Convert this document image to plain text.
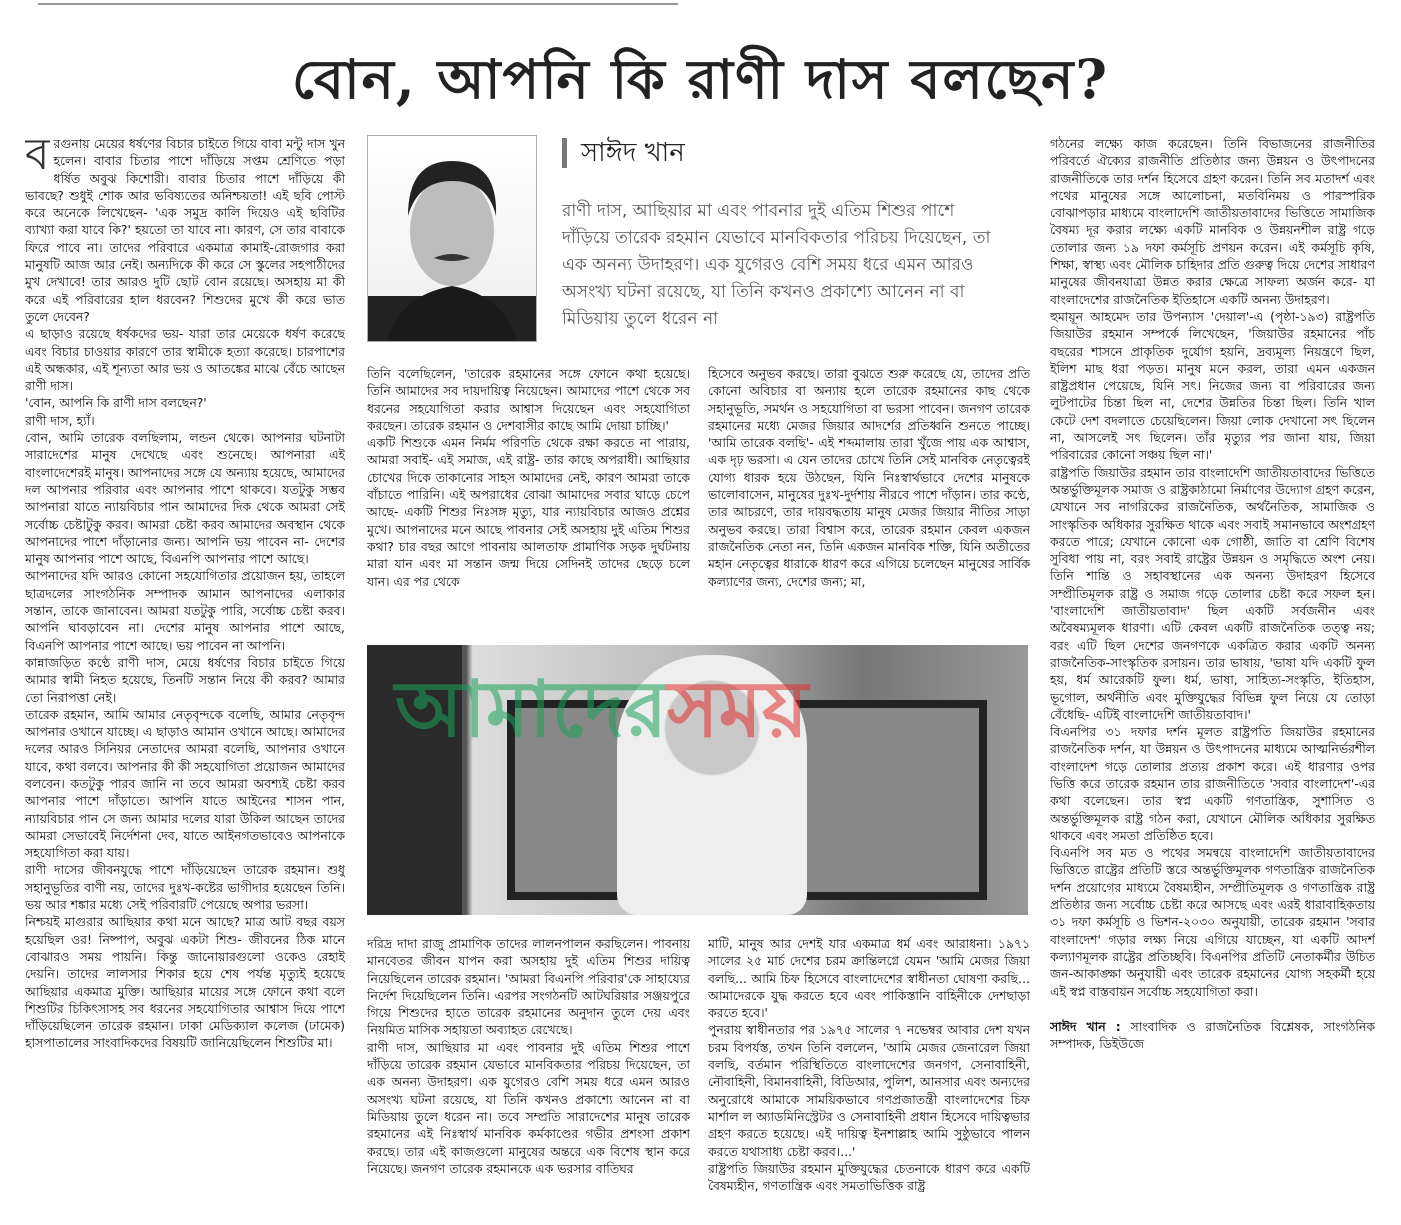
বোন, আপনি কি রাণী দাস বলছেন?
ব রগুনায় মেয়ের ধর্ষণের বিচার চাইতে গিয়ে বাবা মন্টু দাস খুন হলেন। বাবার চিতার পাশে দাঁড়িয়ে সপ্তম শ্রেণিতে পড়া ধর্ষিত অবুঝ কিশোরী। বাবার চিতার পাশে দাঁড়িয়ে কী ভাবছে? শুধুই শোক আর ভবিষ্যতের অনিশ্চয়তা! এই ছবি পোস্ট করে অনেকে লিখেছেন- 'এক সমুদ্র কালি দিয়েও এই ছবিটির ব্যাখ্যা করা যাবে কি?' হয়তো তা যাবে না। কারণ, সে তার বাবাকে ফিরে পাবে না। তাদের পরিবারে একমাত্র কামাই-রোজগার করা মানুষটি আজ আর নেই। অন্যদিকে কী করে সে স্কুলের সহপাঠীদের মুখ দেখাবে! তার আরও দুটি ছোট বোন রয়েছে। অসহায় মা কী করে এই পরিবারের হাল ধরবেন? শিশুদের মুখে কী করে ভাত তুলে দেবেন?

এ ছাড়াও রয়েছে ধর্ষকদের ভয়- যারা তার মেয়েকে ধর্ষণ করেছে এবং বিচার চাওয়ার কারণে তার স্বামীকে হত্যা করেছে। চারপাশের এই অন্ধকার, এই শূন্যতা আর ভয় ও আতঙ্কের মাঝে বেঁচে আছেন রাণী দাস।

'বোন, আপনি কি রাণী দাস বলছেন?'

রাণী দাস, হ্যাঁ।

বোন, আমি তারেক বলছিলাম, লন্ডন থেকে। আপনার ঘটনাটা সারাদেশের মানুষ দেখেছে এবং শুনেছে। আপনারা এই বাংলাদেশেরই মানুষ। আপনাদের সঙ্গে যে অন্যায় হয়েছে, আমাদের দল আপনার পরিবার এবং আপনার পাশে থাকবে। যতটুকু সম্ভব আপনারা যাতে ন্যায়বিচার পান আমাদের দিক থেকে আমরা সেই সর্বোচ্চ চেষ্টাটুকু করব। আমরা চেষ্টা করব আমাদের অবস্থান থেকে আপনাদের পাশে দাঁড়ানোর জন্য। আপনি ভয় পাবেন না- দেশের মানুষ আপনার পাশে আছে, বিএনপি আপনার পাশে আছে।

আপনাদের যদি আরও কোনো সহযোগিতার প্রয়োজন হয়, তাহলে ছাত্রদলের সাংগঠনিক সম্পাদক আমান আপনাদের এলাকার সন্তান, তাকে জানাবেন। আমরা যতটুকু পারি, সর্বোচ্চ চেষ্টা করব। আপনি ঘাবড়াবেন না। দেশের মানুষ আপনার পাশে আছে, বিএনপি আপনার পাশে আছে। ভয় পাবেন না আপনি।

কান্নাজড়িত কণ্ঠে রাণী দাস, মেয়ে ধর্ষণের বিচার চাইতে গিয়ে আমার স্বামী নিহত হয়েছে, তিনটি সন্তান নিয়ে কী করব? আমার তো নিরাপত্তা নেই।

তারেক রহমান, আমি আমার নেতৃবৃন্দকে বলেছি, আমার নেতৃবৃন্দ আপনার ওখানে যাচ্ছে। এ ছাড়াও আমান ওখানে আছে। আমাদের দলের আরও সিনিয়র নেতাদের আমরা বলেছি, আপনার ওখানে যাবে, কথা বলবে। আপনার কী কী সহযোগিতা প্রয়োজন আমাদের বলবেন। কতটুকু পারব জানি না তবে আমরা অবশ্যই চেষ্টা করব আপনার পাশে দাঁড়াতে। আপনি যাতে আইনের শাসন পান, ন্যায়বিচার পান সে জন্য আমার দলের যারা উকিল আছেন তাদের আমরা সেভাবেই নির্দেশনা দেব, যাতে আইনগতভাবেও আপনাকে সহযোগিতা করা যায়।

রাণী দাসের জীবনযুদ্ধে পাশে দাঁড়িয়েছেন তারেক রহমান। শুধু সহানুভূতির বাণী নয়, তাদের দুঃখ-কষ্টের ভাগীদার হয়েছেন তিনি। ভয় আর শঙ্কার মধ্যে সেই পরিবারটি পেয়েছে অপার ভরসা।

নিশ্চয়ই মাগুরার আছিয়ার কথা মনে আছে? মাত্র আট বছর বয়স হয়েছিল ওর! নিষ্পাপ, অবুঝ একটা শিশু- জীবনের ঠিক মানে বোঝারও সময় পায়নি। কিন্তু জানোয়ারগুলো ওকেও রেহাই দেয়নি। তাদের লালসার শিকার হয়ে শেষ পর্যন্ত মৃত্যুই হয়েছে আছিয়ার একমাত্র মুক্তি। আছিয়ার মায়ের সঙ্গে ফোনে কথা বলে শিশুটির চিকিৎসাসহ সব ধরনের সহযোগিতার আশ্বাস দিয়ে পাশে দাঁড়িয়েছিলেন তারেক রহমান। ঢাকা মেডিক্যাল কলেজ (ঢামেক) হাসপাতালের সাংবাদিকদের বিষয়টি জানিয়েছিলেন শিশুটির মা।

সাঈদ খান
রাণী দাস, আছিয়ার মা এবং পাবনার দুই এতিম শিশুর পাশে দাঁড়িয়ে তারেক রহমান যেভাবে মানবিকতার পরিচয় দিয়েছেন, তা এক অনন্য উদাহরণ। এক যুগেরও বেশি সময় ধরে এমন আরও অসংখ্য ঘটনা রয়েছে, যা তিনি কখনও প্রকাশ্যে আনেন না বা মিডিয়ায় তুলে ধরেন না

তিনি বলেছিলেন, 'তারেক রহমানের সঙ্গে ফোনে কথা হয়েছে। তিনি আমাদের সব দায়দায়িত্ব নিয়েছেন। আমাদের পাশে থেকে সব ধরনের সহযোগিতা করার আশ্বাস দিয়েছেন এবং সহযোগিতা করছেন। তারেক রহমান ও দেশবাসীর কাছে আমি দোয়া চাচ্ছি।'

একটি শিশুকে এমন নির্মম পরিণতি থেকে রক্ষা করতে না পারায়, আমরা সবাই- এই সমাজ, এই রাষ্ট্র- তার কাছে অপরাধী। আছিয়ার চোখের দিকে তাকানোর সাহস আমাদের নেই, কারণ আমরা তাকে বাঁচাতে পারিনি। এই অপরাধের বোঝা আমাদের সবার ঘাড়ে চেপে আছে- একটি শিশুর নিঃসঙ্গ মৃত্যু, যার ন্যায়বিচার আজও প্রশ্নের মুখে। আপনাদের মনে আছে পাবনার সেই অসহায় দুই এতিম শিশুর কথা? চার বছর আগে পাবনায় আলতাফ প্রামাণিক সড়ক দুর্ঘটনায় মারা যান এবং মা সন্তান জন্ম দিয়ে সেদিনই তাদের ছেড়ে চলে যান। এর পর থেকে

হিসেবে অনুভব করছে। তারা বুঝতে শুরু করেছে যে, তাদের প্রতি কোনো অবিচার বা অন্যায় হলে তারেক রহমানের কাছ থেকে সহানুভূতি, সমর্থন ও সহযোগিতা বা ভরসা পাবেন। জনগণ তারেক রহমানের মধ্যে মেজর জিয়ার আদর্শের প্রতিধ্বনি শুনতে পাচ্ছে। 'আমি তারেক বলছি'- এই শব্দমালায় তারা খুঁজে পায় এক আশ্বাস, এক দৃঢ় ভরসা। এ যেন তাদের চোখে তিনি সেই মানবিক নেতৃত্বেরই যোগ্য ধারক হয়ে উঠছেন, যিনি নিঃস্বার্থভাবে দেশের মানুষকে ভালোবাসেন, মানুষের দুঃখ-দুর্দশায় নীরবে পাশে দাঁড়ান। তার কণ্ঠে, তার আচরণে, তার দায়বদ্ধতায় মানুষ মেজর জিয়ার নীতির সাড়া অনুভব করছে। তারা বিশ্বাস করে, তারেক রহমান কেবল একজন রাজনৈতিক নেতা নন, তিনি একজন মানবিক শক্তি, যিনি অতীতের মহান নেতৃত্বের ধারাকে ধারণ করে এগিয়ে চলেছেন মানুষের সার্বিক কল্যাণের জন্য, দেশের জন্য; মা,

আমাদেরসময়

দরিদ্র দাদা রাজু প্রামাণিক তাদের লালনপালন করছিলেন। পাবনায় মানবেতর জীবন যাপন করা অসহায় দুই এতিম শিশুর দায়িত্ব নিয়েছিলেন তারেক রহমান। 'আমরা বিএনপি পরিবার'কে সাহায্যের নির্দেশ দিয়েছিলেন তিনি। এরপর সংগঠনটি আটঘরিয়ার সঞ্জয়পুরে গিয়ে শিশুদের হাতে তারেক রহমানের অনুদান তুলে দেয় এবং নিয়মিত মাসিক সহায়তা অব্যাহত রেখেছে।

রাণী দাস, আছিয়ার মা এবং পাবনার দুই এতিম শিশুর পাশে দাঁড়িয়ে তারেক রহমান যেভাবে মানবিকতার পরিচয় দিয়েছেন, তা এক অনন্য উদাহরণ। এক যুগেরও বেশি সময় ধরে এমন আরও অসংখ্য ঘটনা রয়েছে, যা তিনি কখনও প্রকাশ্যে আনেন না বা মিডিয়ায় তুলে ধরেন না। তবে সম্প্রতি সারাদেশের মানুষ তারেক রহমানের এই নিঃস্বার্থ মানবিক কর্মকাণ্ডের গভীর প্রশংসা প্রকাশ করছে। তার এই কাজগুলো মানুষের অন্তরে এক বিশেষ স্থান করে নিয়েছে। জনগণ তারেক রহমানকে এক ভরসার বাতিঘর

মাটি, মানুষ আর দেশই যার একমাত্র ধর্ম এবং আরাধনা। ১৯৭১ সালের ২৫ মার্চ দেশের চরম ক্রান্তিলগ্নে যেমন 'আমি মেজর জিয়া বলছি... আমি চিফ হিসেবে বাংলাদেশের স্বাধীনতা ঘোষণা করছি... আমাদেরকে যুদ্ধ করতে হবে এবং পাকিস্তানি বাহিনীকে দেশছাড়া করতে হবে।'

পুনরায় স্বাধীনতার পর ১৯৭৫ সালের ৭ নভেম্বর আবার দেশ যখন চরম বিপর্যস্ত, তখন তিনি বললেন, 'আমি মেজর জেনারেল জিয়া বলছি, বর্তমান পরিস্থিতিতে বাংলাদেশের জনগণ, সেনাবাহিনী, নৌবাহিনী, বিমানবাহিনী, বিডিআর, পুলিশ, আনসার এবং অন্যদের অনুরোধে আমাকে সাময়িকভাবে গণপ্রজাতন্ত্রী বাংলাদেশের চিফ মার্শাল ল অ্যাডমিনিস্ট্রেটর ও সেনাবাহিনী প্রধান হিসেবে দায়িত্বভার গ্রহণ করতে হয়েছে। এই দায়িত্ব ইনশাল্লাহ আমি সুষ্ঠুভাবে পালন করতে যথাসাধ্য চেষ্টা করব।...'

রাষ্ট্রপতি জিয়াউর রহমান মুক্তিযুদ্ধের চেতনাকে ধারণ করে একটি বৈষম্যহীন, গণতান্ত্রিক এবং সমতাভিত্তিক রাষ্ট্র

গঠনের লক্ষ্যে কাজ করেছেন। তিনি বিভাজনের রাজনীতির পরিবর্তে ঐক্যের রাজনীতি প্রতিষ্ঠার জন্য উন্নয়ন ও উৎপাদনের রাজনীতিকে তার দর্শন হিসেবে গ্রহণ করেন। তিনি সব মতাদর্শ এবং পথের মানুষের সঙ্গে আলোচনা, মতবিনিময় ও পারস্পরিক বোঝাপড়ার মাধ্যমে বাংলাদেশি জাতীয়তাবাদের ভিত্তিতে সামাজিক বৈষম্য দূর করার লক্ষ্যে একটি মানবিক ও উন্নয়নশীল রাষ্ট্র গড়ে তোলার জন্য ১৯ দফা কর্মসূচি প্রণয়ন করেন। এই কর্মসূচি কৃষি, শিক্ষা, স্বাস্থ্য এবং মৌলিক চাহিদার প্রতি গুরুত্ব দিয়ে দেশের সাধারণ মানুষের জীবনযাত্রা উন্নত করার ক্ষেত্রে সাফল্য অর্জন করে- যা বাংলাদেশের রাজনৈতিক ইতিহাসে একটি অনন্য উদাহরণ।

হুমায়ূন আহমেদ তার উপন্যাস 'দেয়াল'-এ (পৃষ্ঠা-১৯৩) রাষ্ট্রপতি জিয়াউর রহমান সম্পর্কে লিখেছেন, 'জিয়াউর রহমানের পাঁচ বছরের শাসনে প্রাকৃতিক দুর্যোগ হয়নি, দ্রব্যমূল্য নিয়ন্ত্রণে ছিল, ইলিশ মাছ ধরা পড়ত। মানুষ মনে করল, তারা এমন একজন রাষ্ট্রপ্রধান পেয়েছে, যিনি সৎ। নিজের জন্য বা পরিবারের জন্য লুটপাটের চিন্তা ছিল না, দেশের উন্নতির চিন্তা ছিল। তিনি খাল কেটে দেশ বদলাতে চেয়েছিলেন। জিয়া লোক দেখানো সৎ ছিলেন না, আসলেই সৎ ছিলেন। তাঁর মৃত্যুর পর জানা যায়, জিয়া পরিবারের কোনো সঞ্চয় ছিল না।'

রাষ্ট্রপতি জিয়াউর রহমান তার বাংলাদেশি জাতীয়তাবাদের ভিত্তিতে অন্তর্ভুক্তিমূলক সমাজ ও রাষ্ট্রকাঠামো নির্মাণের উদ্যোগ গ্রহণ করেন, যেখানে সব নাগরিকের রাজনৈতিক, অর্থনৈতিক, সামাজিক ও সাংস্কৃতিক অধিকার সুরক্ষিত থাকে এবং সবাই সমানভাবে অংশগ্রহণ করতে পারে; যেখানে কোনো এক গোষ্ঠী, জাতি বা শ্রেণি বিশেষ সুবিধা পায় না, বরং সবাই রাষ্ট্রের উন্নয়ন ও সমৃদ্ধিতে অংশ নেয়। তিনি শান্তি ও সহাবস্থানের এক অনন্য উদাহরণ হিসেবে সম্প্রীতিমূলক রাষ্ট্র ও সমাজ গড়ে তোলার চেষ্টা করে সফল হন। 'বাংলাদেশি জাতীয়তাবাদ' ছিল একটি সর্বজনীন এবং অবৈষম্যমূলক ধারণা। এটি কেবল একটি রাজনৈতিক তত্ত্ব নয়; বরং এটি ছিল দেশের জনগণকে একত্রিত করার একটি অনন্য রাজনৈতিক-সাংস্কৃতিক রসায়ন। তার ভাষায়, 'ভাষা যদি একটি ফুল হয়, ধর্ম আরেকটি ফুল। ধর্ম, ভাষা, সাহিত্য-সংস্কৃতি, ইতিহাস, ভূগোল, অর্থনীতি এবং মুক্তিযুদ্ধের বিভিন্ন ফুল নিয়ে যে তোড়া বেঁধেছি- এটিই বাংলাদেশি জাতীয়তাবাদ।'

বিএনপির ৩১ দফার দর্শন মূলত রাষ্ট্রপতি জিয়াউর রহমানের রাজনৈতিক দর্শন, যা উন্নয়ন ও উৎপাদনের মাধ্যমে আত্মনির্ভরশীল বাংলাদেশ গড়ে তোলার প্রত্যয় প্রকাশ করে। এই ধারণার ওপর ভিত্তি করে তারেক রহমান তার রাজনীতিতে 'সবার বাংলাদেশ'-এর কথা বলেছেন। তার স্বপ্ন একটি গণতান্ত্রিক, সুশাসিত ও অন্তর্ভুক্তিমূলক রাষ্ট্র গঠন করা, যেখানে মৌলিক অধিকার সুরক্ষিত থাকবে এবং সমতা প্রতিষ্ঠিত হবে।

বিএনপি সব মত ও পথের সমন্বয়ে বাংলাদেশি জাতীয়তাবাদের ভিত্তিতে রাষ্ট্রের প্রতিটি স্তরে অন্তর্ভুক্তিমূলক গণতান্ত্রিক রাজনৈতিক দর্শন প্রয়োগের মাধ্যমে বৈষম্যহীন, সম্প্রীতিমূলক ও গণতান্ত্রিক রাষ্ট্র প্রতিষ্ঠার জন্য সর্বোচ্চ চেষ্টা করে আসছে এবং এরই ধারাবাহিকতায় ৩১ দফা কর্মসূচি ও ভিশন-২০৩০ অনুযায়ী, তারেক রহমান 'সবার বাংলাদেশ' গড়ার লক্ষ্য নিয়ে এগিয়ে যাচ্ছেন, যা একটি আদর্শ কল্যাণমূলক রাষ্ট্রের প্রতিচ্ছবি। বিএনপির প্রতিটি নেতাকর্মীর উচিত জন-আকাঙ্ক্ষা অনুযায়ী এবং তারেক রহমানের যোগ্য সহকর্মী হয়ে এই স্বপ্ন বাস্তবায়ন সর্বোচ্চ সহযোগিতা করা।

সাঈদ খান : সাংবাদিক ও রাজনৈতিক বিশ্লেষক, সাংগঠনিক সম্পাদক, ডিইউজে
